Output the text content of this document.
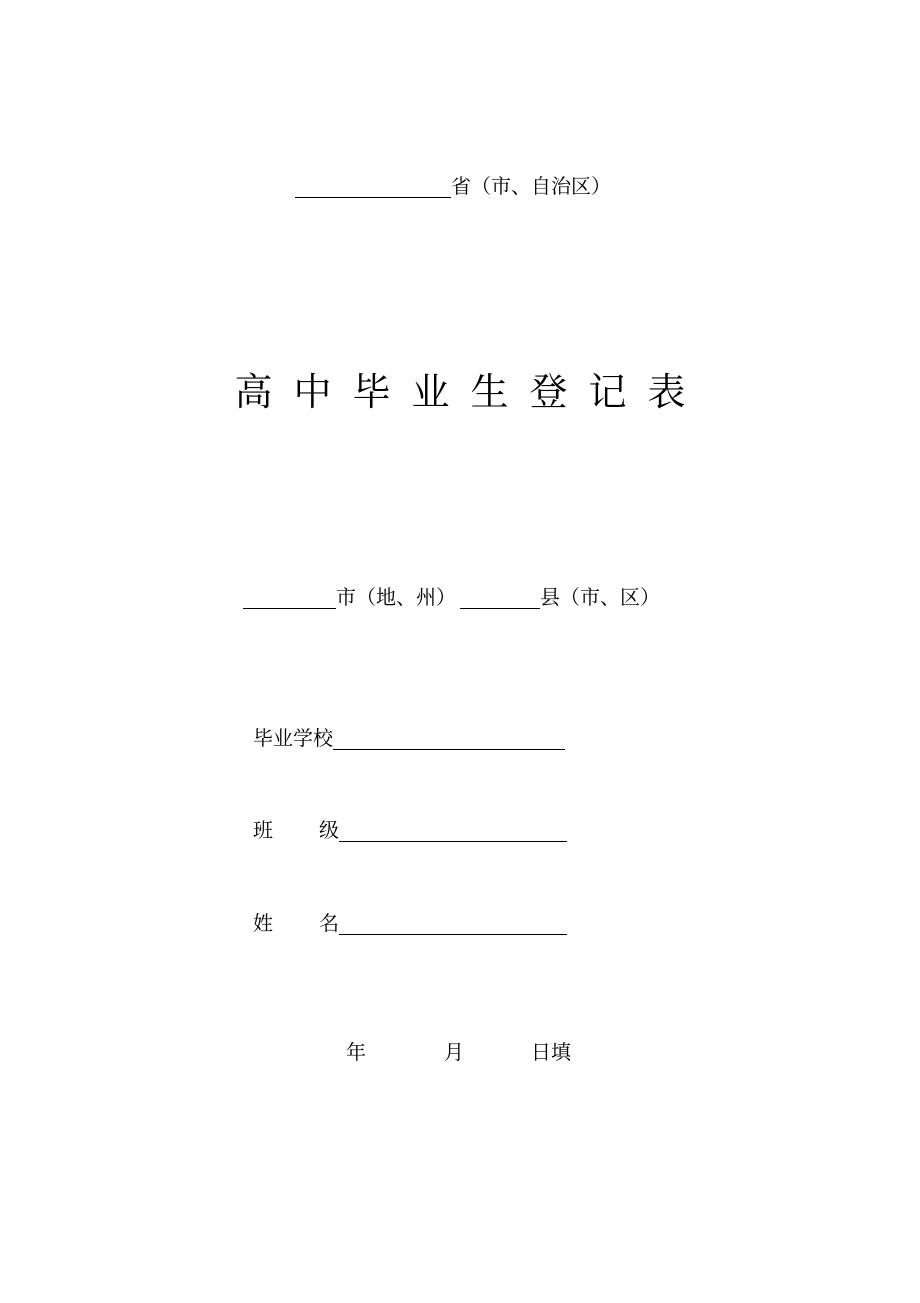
省（市、自治区）
高中毕业生登记表
市（地、州）	县（市、区）
毕业学校
班 级
姓 名
年	月	日填
